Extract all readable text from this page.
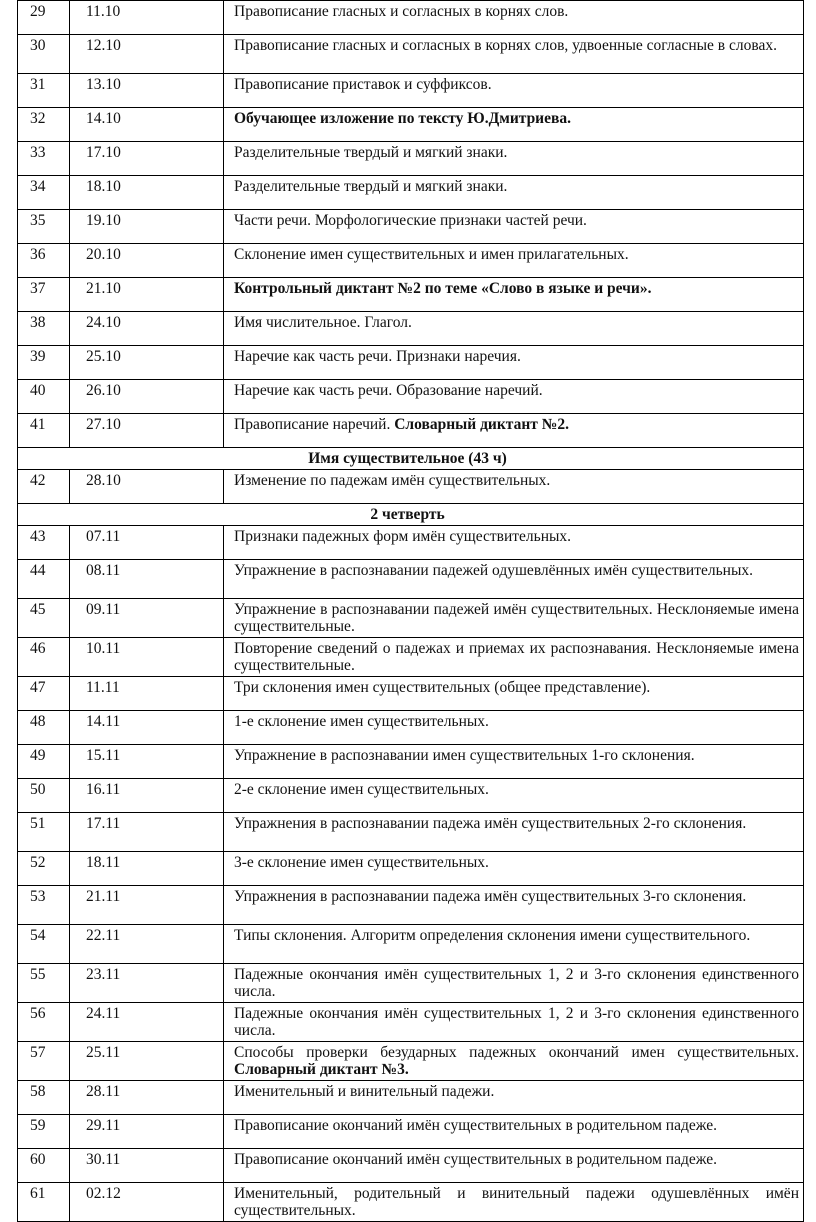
29	11.10	Правописание гласных и согласных в корнях слов.
30	12.10	Правописание гласных и согласных в корнях слов, удвоенные согласные в словах.
31	13.10	Правописание приставок и суффиксов.
32	14.10	Обучающее изложение по тексту Ю.Дмитриева.
33	17.10	Разделительные твердый и мягкий знаки.
34	18.10	Разделительные твердый и мягкий знаки.
35	19.10	Части речи. Морфологические признаки частей речи.
36	20.10	Склонение имен существительных и имен прилагательных.
37	21.10	Контрольный диктант №2 по теме «Слово в языке и речи».
38	24.10	Имя числительное. Глагол.
39	25.10	Наречие как часть речи. Признаки наречия.
40	26.10	Наречие как часть речи. Образование наречий.
41	27.10	Правописание наречий. Словарный диктант №2.
Имя существительное (43 ч)		
42	28.10	Изменение по падежам имён существительных.
2 четверть		
43	07.11	Признаки падежных форм имён существительных.
44	08.11	Упражнение в распознавании падежей одушевлённых имён существительных.
45	09.11	Упражнение в распознавании падежей имён существительных. Несклоняемые имена существительные.
46	10.11	Повторение сведений о падежах и приемах их распознавания. Несклоняемые имена существительные.
47	11.11	Три склонения имен существительных (общее представление).
48	14.11	1-е склонение имен существительных.
49	15.11	Упражнение в распознавании имен существительных 1-го склонения.
50	16.11	2-е склонение имен существительных.
51	17.11	Упражнения в распознавании падежа имён существительных 2-го склонения.
52	18.11	3-е склонение имен существительных.
53	21.11	Упражнения в распознавании падежа имён существительных 3-го склонения.
54	22.11	Типы склонения. Алгоритм определения склонения имени существительного.
55	23.11	Падежные окончания имён существительных 1, 2 и 3-го склонения единственного числа.
56	24.11	Падежные окончания имён существительных 1, 2 и 3-го склонения единственного числа.
57	25.11	Способы проверки безударных падежных окончаний имен существительных. Словарный диктант №3.
58	28.11	Именительный и винительный падежи.
59	29.11	Правописание окончаний имён существительных в родительном падеже.
60	30.11	Правописание окончаний имён существительных в родительном падеже.
61	02.12	Именительный, родительный и винительный падежи одушевлённых имён существительных.
